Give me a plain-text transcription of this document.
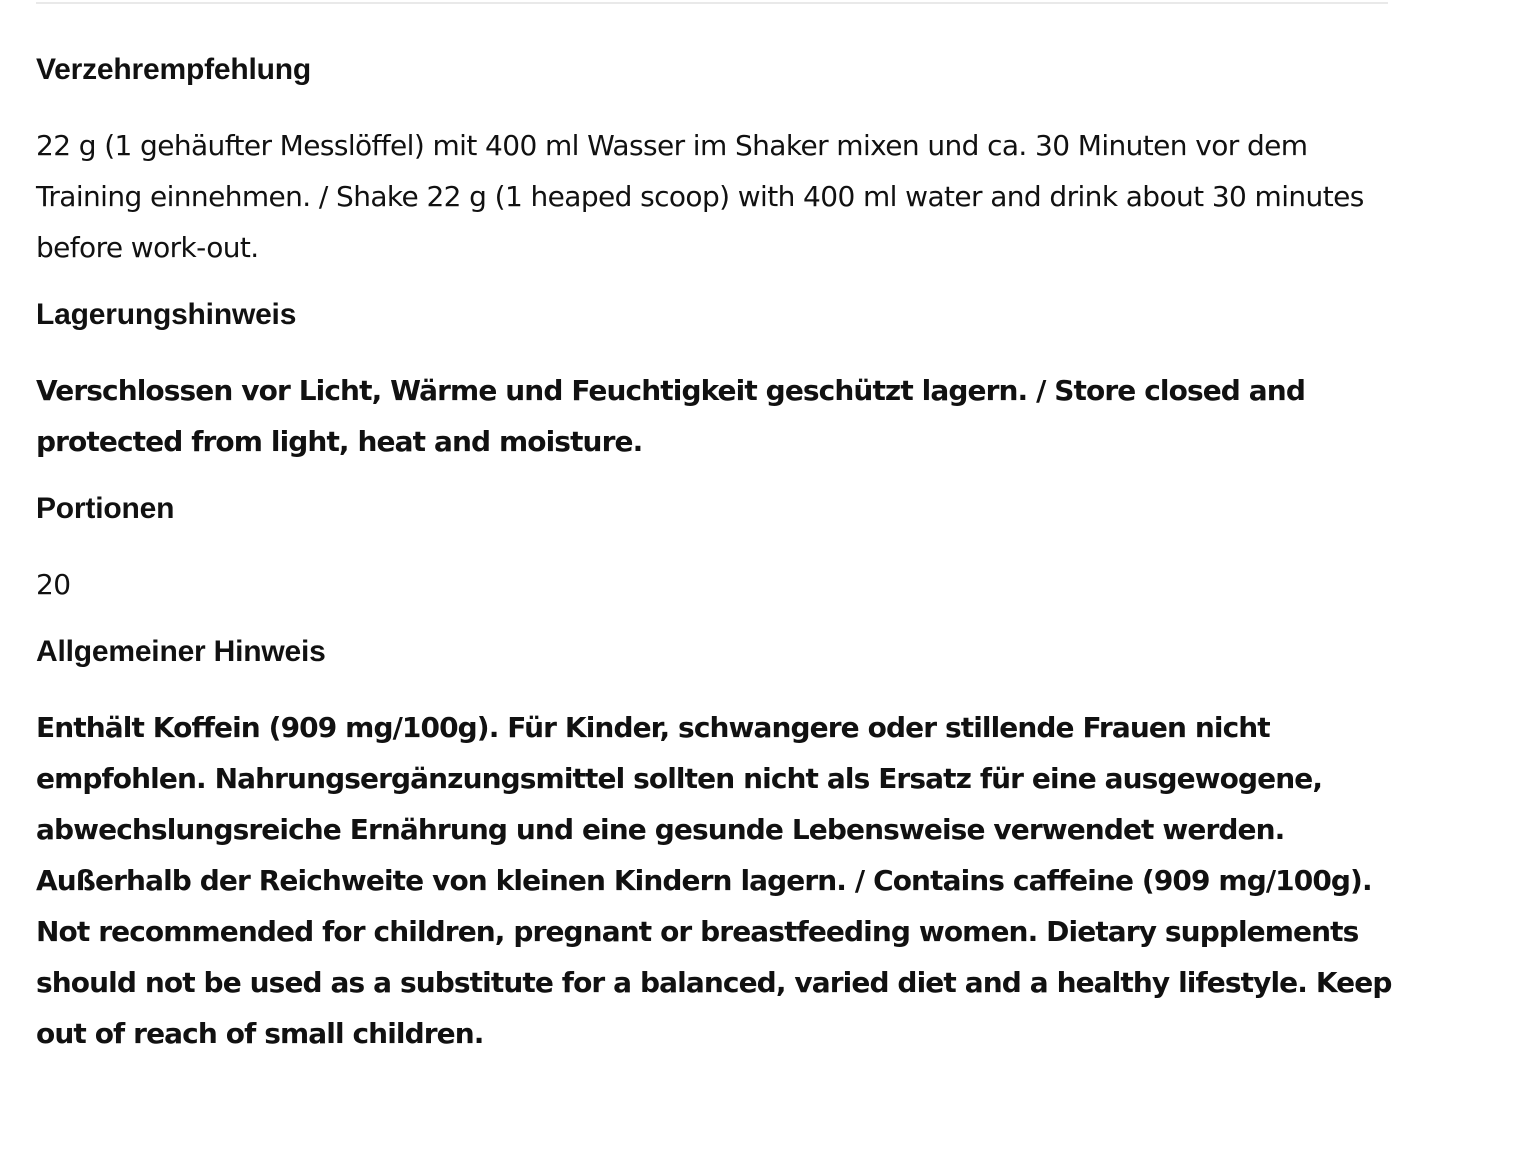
Verzehrempfehlung

22 g (1 gehäufter Messlöffel) mit 400 ml Wasser im Shaker mixen und ca. 30 Minuten vor dem Training einnehmen. / Shake 22 g (1 heaped scoop) with 400 ml water and drink about 30 minutes before work-out.

Lagerungshinweis

Verschlossen vor Licht, Wärme und Feuchtigkeit geschützt lagern. / Store closed and protected from light, heat and moisture.

Portionen

20

Allgemeiner Hinweis

Enthält Koffein (909 mg/100g). Für Kinder, schwangere oder stillende Frauen nicht empfohlen. Nahrungsergänzungsmittel sollten nicht als Ersatz für eine ausgewogene, abwechslungsreiche Ernährung und eine gesunde Lebensweise verwendet werden. Außerhalb der Reichweite von kleinen Kindern lagern. / Contains caffeine (909 mg/100g). Not recommended for children, pregnant or breastfeeding women. Dietary supplements should not be used as a substitute for a balanced, varied diet and a healthy lifestyle. Keep out of reach of small children.
